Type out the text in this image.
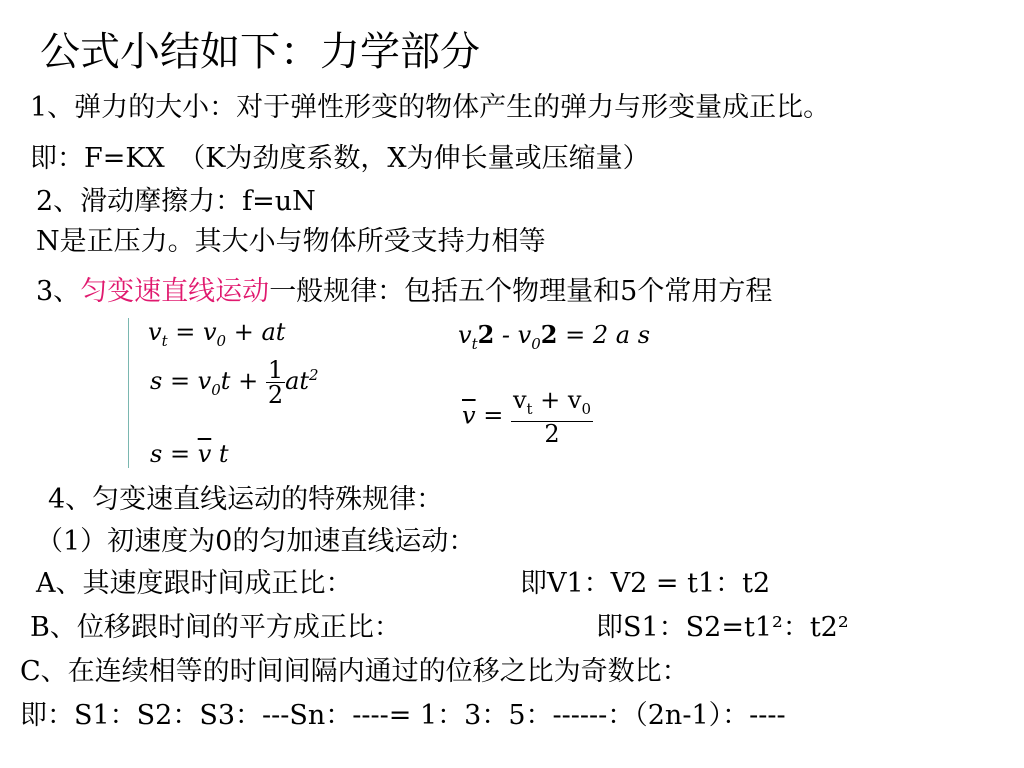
公式小结如下：力学部分
1、弹力的大小：对于弹性形变的物体产生的弹力与形变量成正比。
即：F=KX　（K为劲度系数，X为伸长量或压缩量）
2、滑动摩擦力：f=uN
N是正压力。其大小与物体所受支持力相等
3、匀变速直线运动一般规律：包括五个物理量和5个常用方程
$v_t = v_0$ + at
$s = v_0t + \frac{1}{2} at^2$
$s = \overline{v}$ t
$v_t2 - v_02 = 2$ a s
$\overline{v} = \frac{v_t + v_0}{2}$
4、匀变速直线运动的特殊规律：
（1）初速度为0的匀加速直线运动：
A、其速度跟时间成正比：	即V1：V2 = t1：t2
B、位移跟时间的平方成正比：	即S1：S2=t1²：t2²
C、在连续相等的时间间隔内通过的位移之比为奇数比：
即：S1：S2：S3：---Sn：----= 1：3：5：------：（2n-1）：----
